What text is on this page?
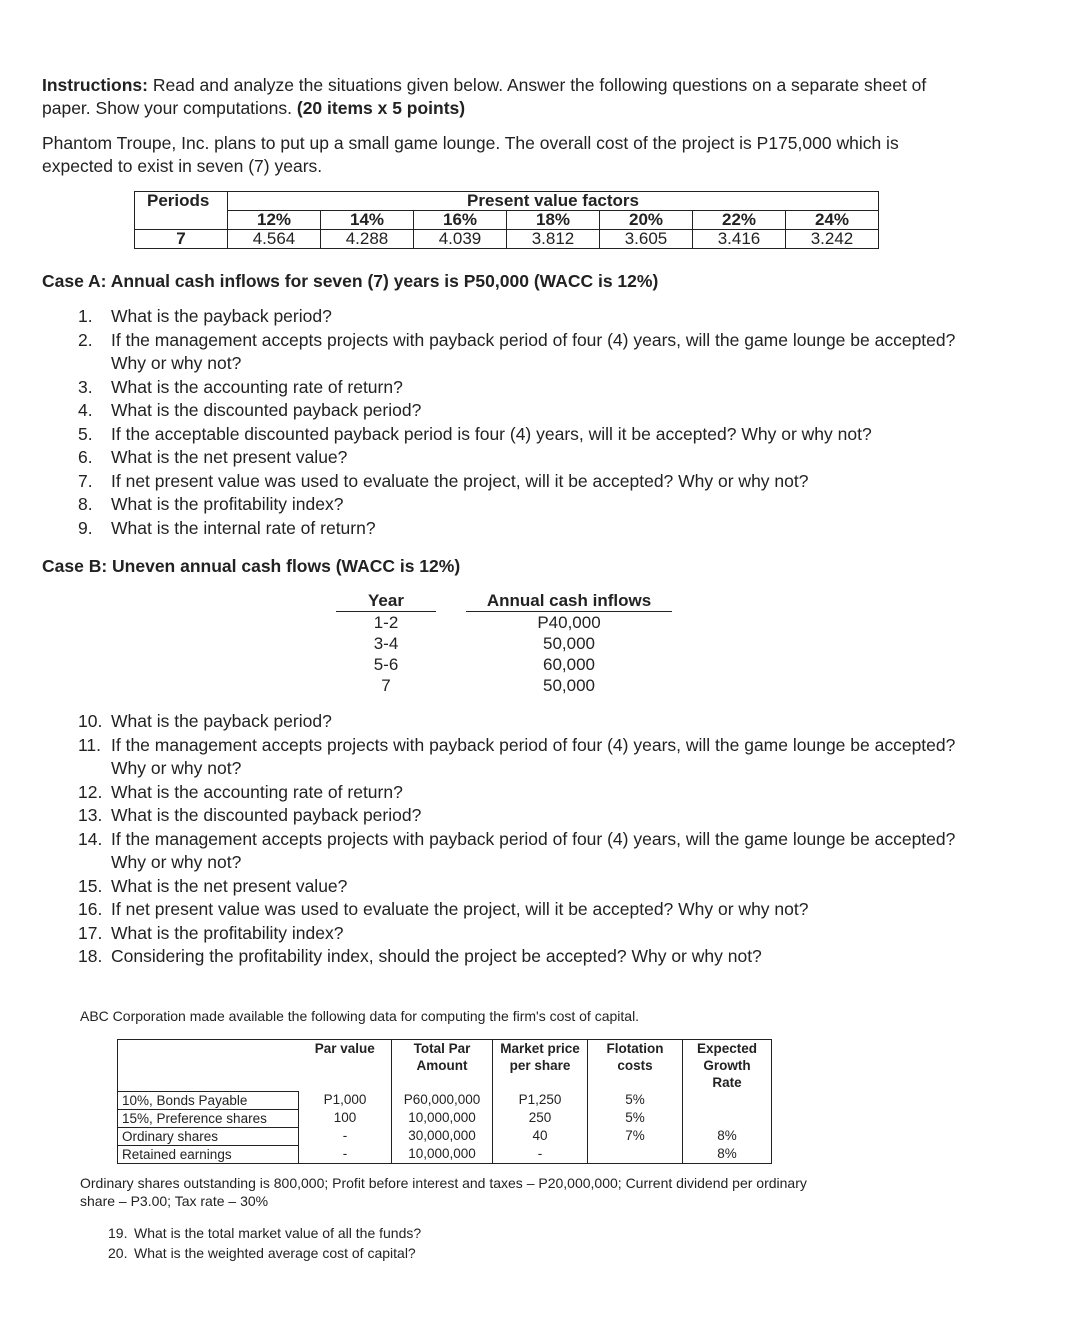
Instructions: Read and analyze the situations given below. Answer the following questions on a separate sheet of paper. Show your computations. (20 items x 5 points)

Phantom Troupe, Inc. plans to put up a small game lounge. The overall cost of the project is P175,000 which is expected to exist in seven (7) years.

Periods	Present value factors						
	12%	14%	16%	18%	20%	22%	24%
7	4.564	4.288	4.039	3.812	3.605	3.416	3.242

Case A: Annual cash inflows for seven (7) years is P50,000 (WACC is 12%)

1. What is the payback period?
2. If the management accepts projects with payback period of four (4) years, will the game lounge be accepted? Why or why not?
3. What is the accounting rate of return?
4. What is the discounted payback period?
5. If the acceptable discounted payback period is four (4) years, will it be accepted? Why or why not?
6. What is the net present value?
7. If net present value was used to evaluate the project, will it be accepted? Why or why not?
8. What is the profitability index?
9. What is the internal rate of return?

Case B: Uneven annual cash flows (WACC is 12%)

Year	Annual cash inflows
1-2	P40,000
3-4	50,000
5-6	60,000
7	50,000
10. What is the payback period?
11. If the management accepts projects with payback period of four (4) years, will the game lounge be accepted? Why or why not?
12. What is the accounting rate of return?
13. What is the discounted payback period?
14. If the management accepts projects with payback period of four (4) years, will the game lounge be accepted? Why or why not?
15. What is the net present value?
16. If net present value was used to evaluate the project, will it be accepted? Why or why not?
17. What is the profitability index?
18. Considering the profitability index, should the project be accepted? Why or why not?

ABC Corporation made available the following data for computing the firm's cost of capital.

	Par value	Total Par Amount	Market price per share	Flotation costs	Expected Growth Rate
10%, Bonds Payable	P1,000	P60,000,000	P1,250	5%	
15%, Preference shares	100	10,000,000	250	5%	
Ordinary shares	-	30,000,000	40	7%	8%
Retained earnings	-	10,000,000	-		8%

Ordinary shares outstanding is 800,000; Profit before interest and taxes – P20,000,000; Current dividend per ordinary share – P3.00; Tax rate – 30%

19. What is the total market value of all the funds?
20. What is the weighted average cost of capital?
